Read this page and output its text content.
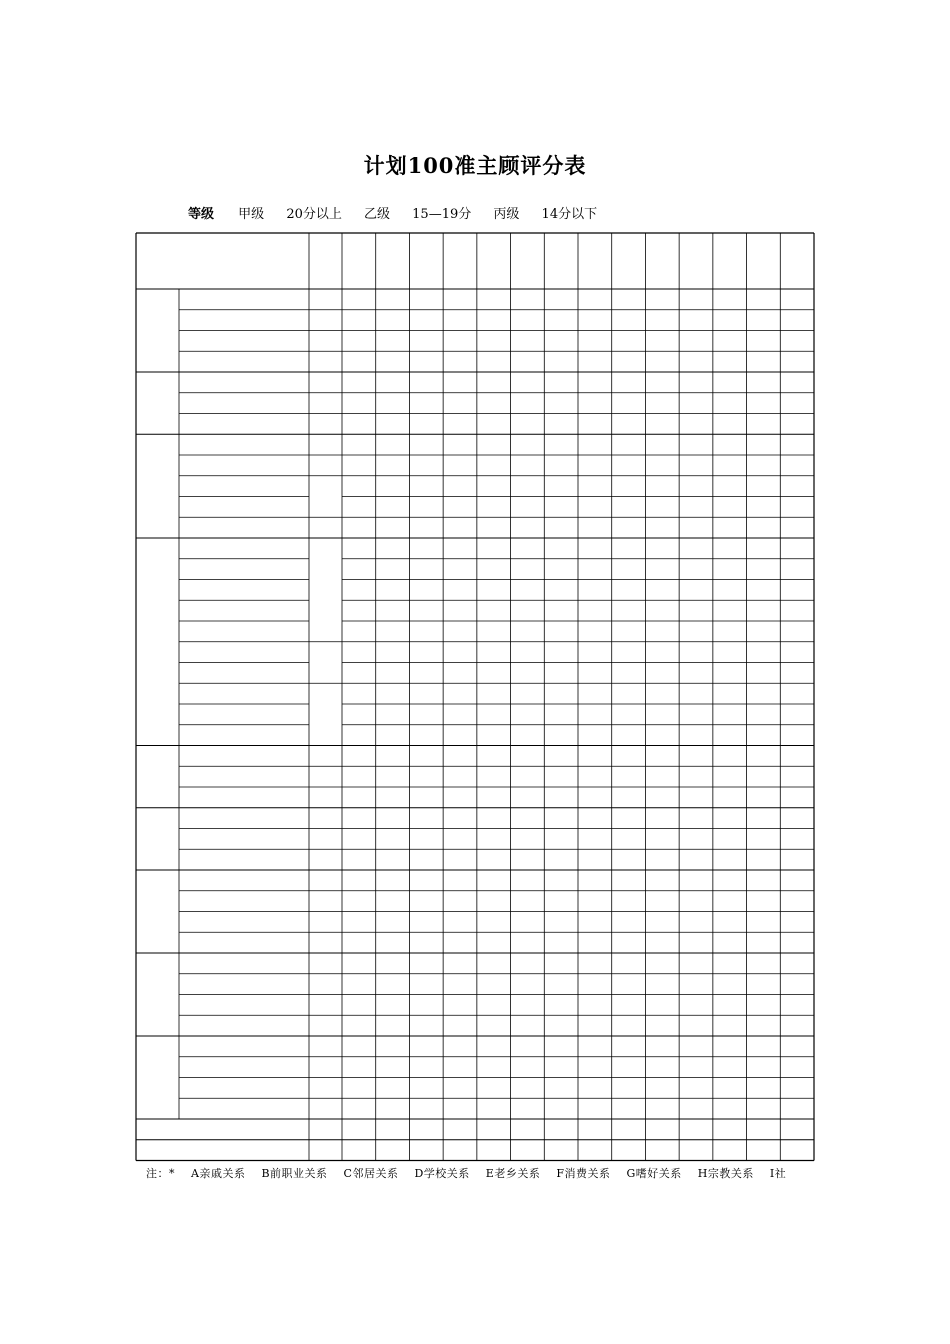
计划100准主顾评分表
等级 甲级 20分以上 乙级 15—19分 丙级 14分以下
注：* A亲戚关系 B前职业关系 C邻居关系 D学校关系 E老乡关系 F消费关系 G嗜好关系 H宗教关系 I社
